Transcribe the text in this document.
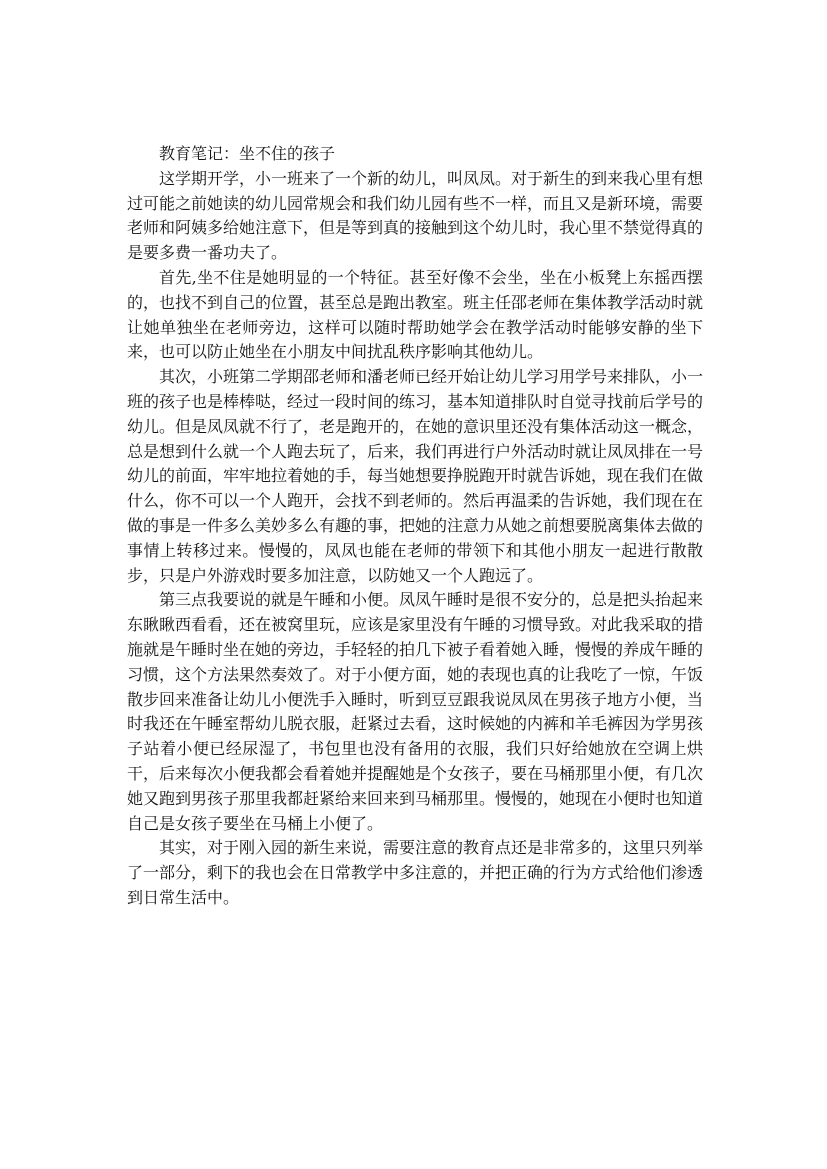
教育笔记：坐不住的孩子

这学期开学，小一班来了一个新的幼儿，叫凤凤。对于新生的到来我心里有想过可能之前她读的幼儿园常规会和我们幼儿园有些不一样，而且又是新环境，需要老师和阿姨多给她注意下，但是等到真的接触到这个幼儿时，我心里不禁觉得真的是要多费一番功夫了。

首先,坐不住是她明显的一个特征。甚至好像不会坐，坐在小板凳上东摇西摆的，也找不到自己的位置，甚至总是跑出教室。班主任邵老师在集体教学活动时就让她单独坐在老师旁边，这样可以随时帮助她学会在教学活动时能够安静的坐下来，也可以防止她坐在小朋友中间扰乱秩序影响其他幼儿。

其次，小班第二学期邵老师和潘老师已经开始让幼儿学习用学号来排队，小一班的孩子也是棒棒哒，经过一段时间的练习，基本知道排队时自觉寻找前后学号的幼儿。但是凤凤就不行了，老是跑开的，在她的意识里还没有集体活动这一概念，总是想到什么就一个人跑去玩了，后来，我们再进行户外活动时就让凤凤排在一号幼儿的前面，牢牢地拉着她的手，每当她想要挣脱跑开时就告诉她，现在我们在做什么，你不可以一个人跑开，会找不到老师的。然后再温柔的告诉她，我们现在在做的事是一件多么美妙多么有趣的事，把她的注意力从她之前想要脱离集体去做的事情上转移过来。慢慢的，凤凤也能在老师的带领下和其他小朋友一起进行散散步，只是户外游戏时要多加注意，以防她又一个人跑远了。

第三点我要说的就是午睡和小便。凤凤午睡时是很不安分的，总是把头抬起来东瞅瞅西看看，还在被窝里玩，应该是家里没有午睡的习惯导致。对此我采取的措施就是午睡时坐在她的旁边，手轻轻的拍几下被子看着她入睡，慢慢的养成午睡的习惯，这个方法果然奏效了。对于小便方面，她的表现也真的让我吃了一惊，午饭散步回来准备让幼儿小便洗手入睡时，听到豆豆跟我说凤凤在男孩子地方小便，当时我还在午睡室帮幼儿脱衣服，赶紧过去看，这时候她的内裤和羊毛裤因为学男孩子站着小便已经尿湿了，书包里也没有备用的衣服，我们只好给她放在空调上烘干，后来每次小便我都会看着她并提醒她是个女孩子，要在马桶那里小便，有几次她又跑到男孩子那里我都赶紧给来回来到马桶那里。慢慢的，她现在小便时也知道自己是女孩子要坐在马桶上小便了。

其实，对于刚入园的新生来说，需要注意的教育点还是非常多的，这里只列举了一部分，剩下的我也会在日常教学中多注意的，并把正确的行为方式给他们渗透到日常生活中。
